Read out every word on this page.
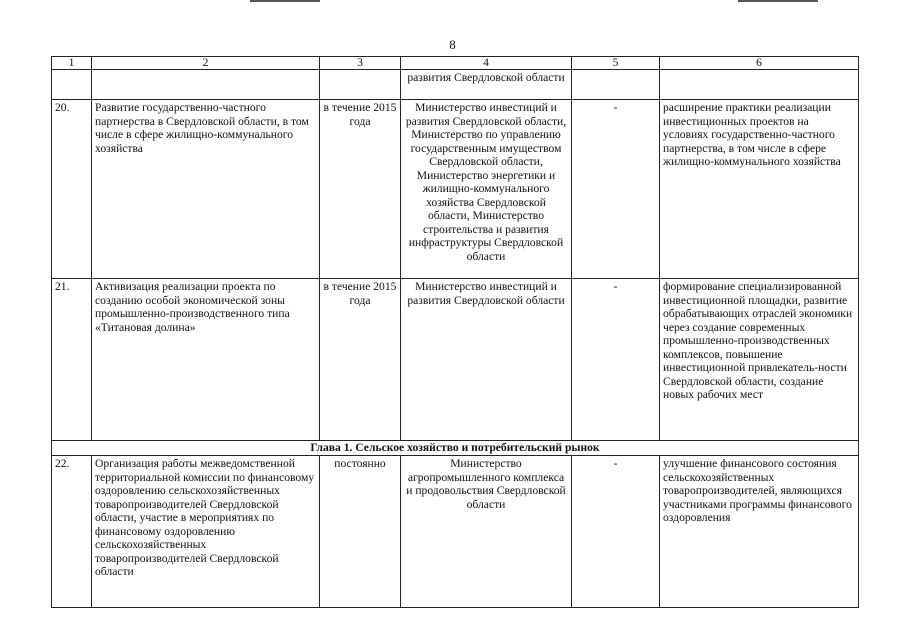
8
1	2	3	4	5	6
			развития Свердловской области		
20.	Развитие государственно-частного партнерства в Свердловской области, в том числе в сфере жилищно-коммунального хозяйства	в течение 2015 года	Министерство инвестиций и развития Свердловской области, Министерство по управлению государственным имуществом Свердловской области, Министерство энергетики и жилищно-коммунального хозяйства Свердловской области, Министерство строительства и развития инфраструктуры Свердловской области	-	расширение практики реализации инвестиционных проектов на условиях государственно-частного партнерства, в том числе в сфере жилищно-коммунального хозяйства
21.	Активизация реализации проекта по созданию особой экономической зоны промышленно-производственного типа «Титановая долина»	в течение 2015 года	Министерство инвестиций и развития Свердловской области	-	формирование специализированной инвестиционной площадки, развитие обрабатывающих отраслей экономики через создание современных промышленно-производственных комплексов, повышение инвестиционной привлекатель-ности Свердловской области, создание новых рабочих мест
Глава 1. Сельское хозяйство и потребительский рынок					
22.	Организация работы межведомственной территориальной комиссии по финансовому оздоровлению сельскохозяйственных товаропроизводителей Свердловской области, участие в мероприятиях по финансовому оздоровлению сельскохозяйственных товаропроизводителей Свердловской области	постоянно	Министерство агропромышленного комплекса и продовольствия Свердловской области	-	улучшение финансового состояния сельскохозяйственных товаропроизводителей, являющихся участниками программы финансового оздоровления
